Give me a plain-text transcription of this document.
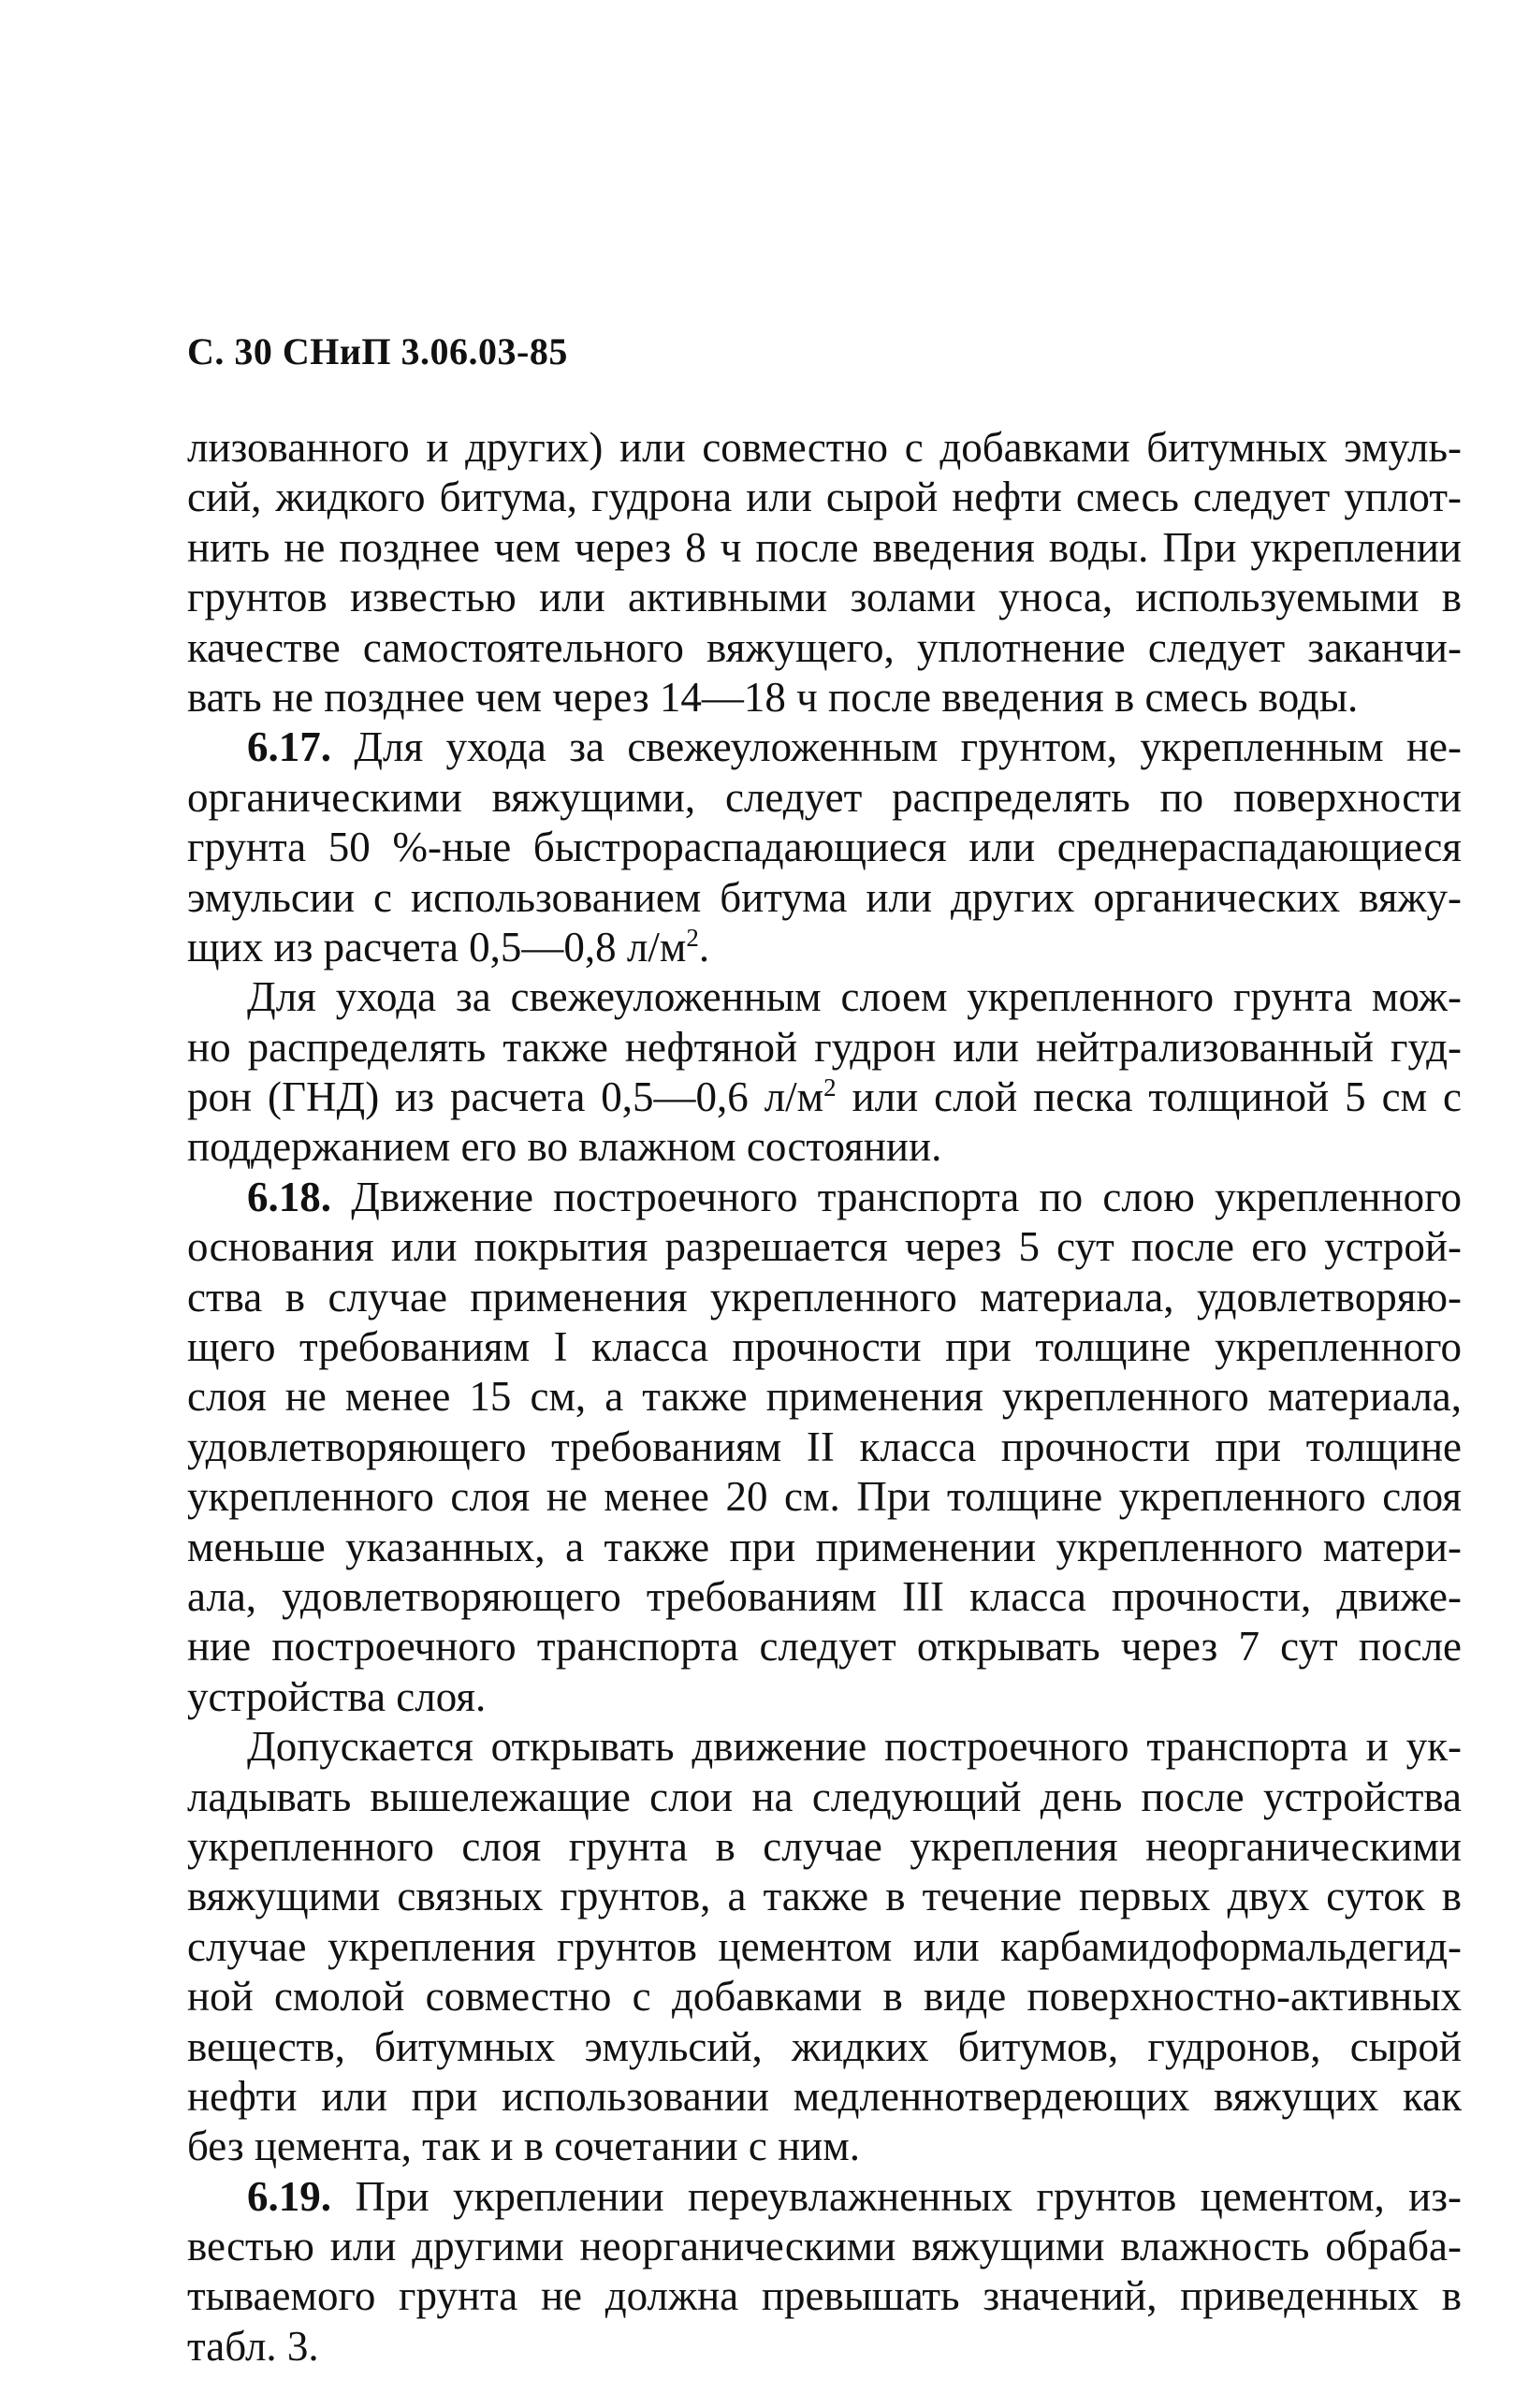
С. 30 СНиП 3.06.03-85
лизованного и других) или совместно с добавками битумных эмуль-
сий, жидкого битума, гудрона или сырой нефти смесь следует уплот-
нить не позднее чем через 8 ч после введения воды. При укреплении
грунтов известью или активными золами уноса, используемыми в
качестве самостоятельного вяжущего, уплотнение следует заканчи-
вать не позднее чем через 14—18 ч после введения в смесь воды.
6.17. Для ухода за свежеуложенным грунтом, укрепленным не-
органическими вяжущими, следует распределять по поверхности
грунта 50 %-ные быстрораспадающиеся или среднераспадающиеся
эмульсии с использованием битума или других органических вяжу-
щих из расчета 0,5—0,8 $л/м^2$.
Для ухода за свежеуложенным слоем укрепленного грунта мож-
но распределять также нефтяной гудрон или нейтрализованный гуд-
рон (ГНД) из расчета 0,5—0,6 $л/м^2$ или слой песка толщиной 5 см с
поддержанием его во влажном состоянии.
6.18. Движение построечного транспорта по слою укрепленного
основания или покрытия разрешается через 5 сут после его устрой-
ства в случае применения укрепленного материала, удовлетворяю-
щего требованиям I класса прочности при толщине укрепленного
слоя не менее 15 см, а также применения укрепленного материала,
удовлетворяющего требованиям II класса прочности при толщине
укрепленного слоя не менее 20 см. При толщине укрепленного слоя
меньше указанных, а также при применении укрепленного матери-
ала, удовлетворяющего требованиям III класса прочности, движе-
ние построечного транспорта следует открывать через 7 сут после
устройства слоя.
Допускается открывать движение построечного транспорта и ук-
ладывать вышележащие слои на следующий день после устройства
укрепленного слоя грунта в случае укрепления неорганическими
вяжущими связных грунтов, а также в течение первых двух суток в
случае укрепления грунтов цементом или карбамидоформальдегид-
ной смолой совместно с добавками в виде поверхностно-активных
веществ, битумных эмульсий, жидких битумов, гудронов, сырой
нефти или при использовании медленнотвердеющих вяжущих как
без цемента, так и в сочетании с ним.
6.19. При укреплении переувлажненных грунтов цементом, из-
вестью или другими неорганическими вяжущими влажность обраба-
тываемого грунта не должна превышать значений, приведенных в
табл. 3.
